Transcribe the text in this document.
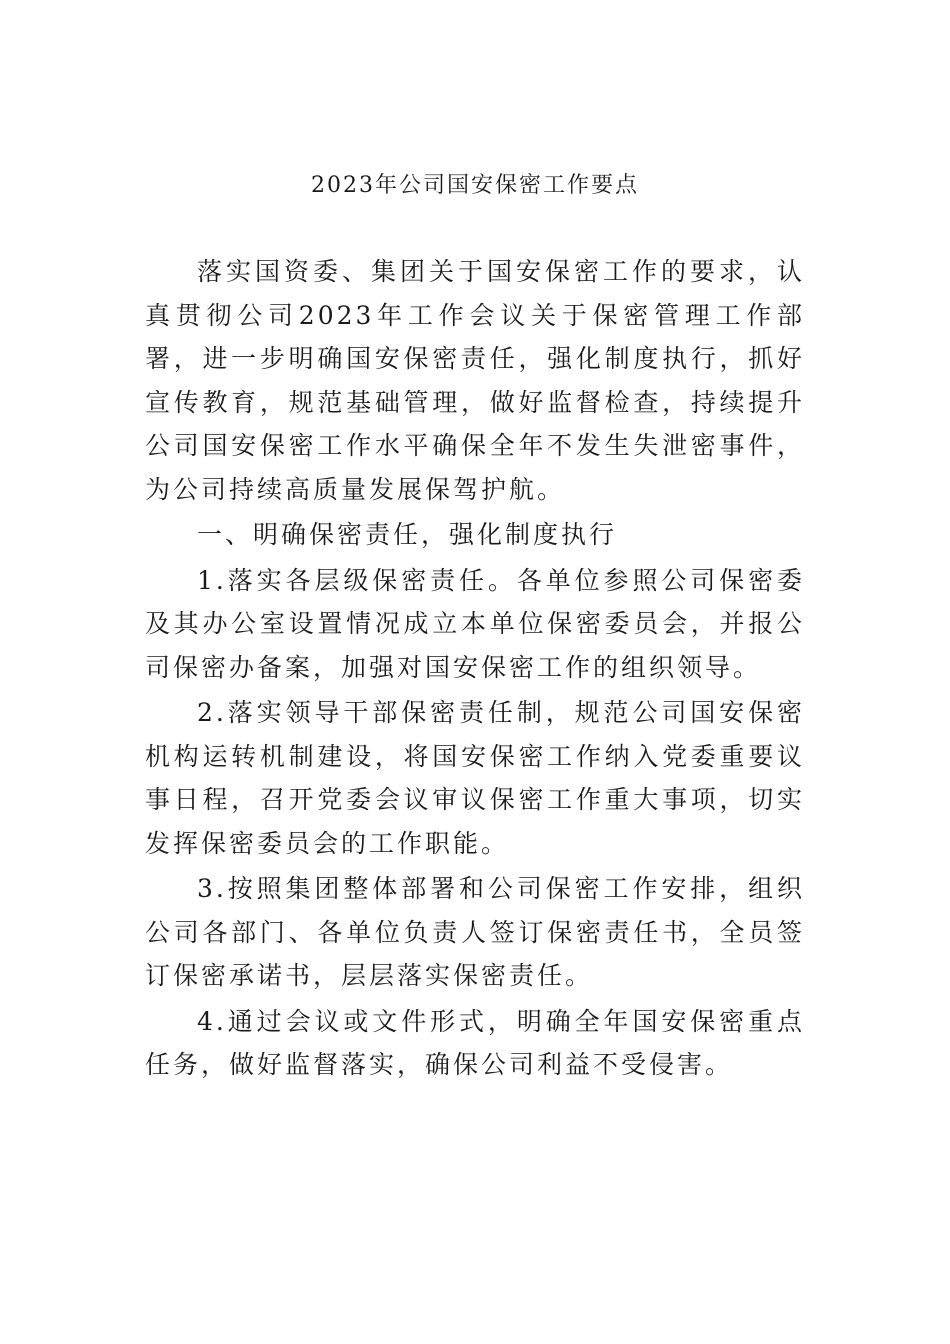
2023年公司国安保密工作要点

落实国资委、集团关于国安保密工作的要求，认真贯彻公司2023年工作会议关于保密管理工作部署，进一步明确国安保密责任，强化制度执行，抓好宣传教育，规范基础管理，做好监督检查，持续提升公司国安保密工作水平确保全年不发生失泄密事件，为公司持续高质量发展保驾护航。

一、明确保密责任，强化制度执行

1.落实各层级保密责任。各单位参照公司保密委及其办公室设置情况成立本单位保密委员会，并报公司保密办备案，加强对国安保密工作的组织领导。

2.落实领导干部保密责任制，规范公司国安保密机构运转机制建设，将国安保密工作纳入党委重要议事日程，召开党委会议审议保密工作重大事项，切实发挥保密委员会的工作职能。

3.按照集团整体部署和公司保密工作安排，组织公司各部门、各单位负责人签订保密责任书，全员签订保密承诺书，层层落实保密责任。

4.通过会议或文件形式，明确全年国安保密重点任务，做好监督落实，确保公司利益不受侵害。
